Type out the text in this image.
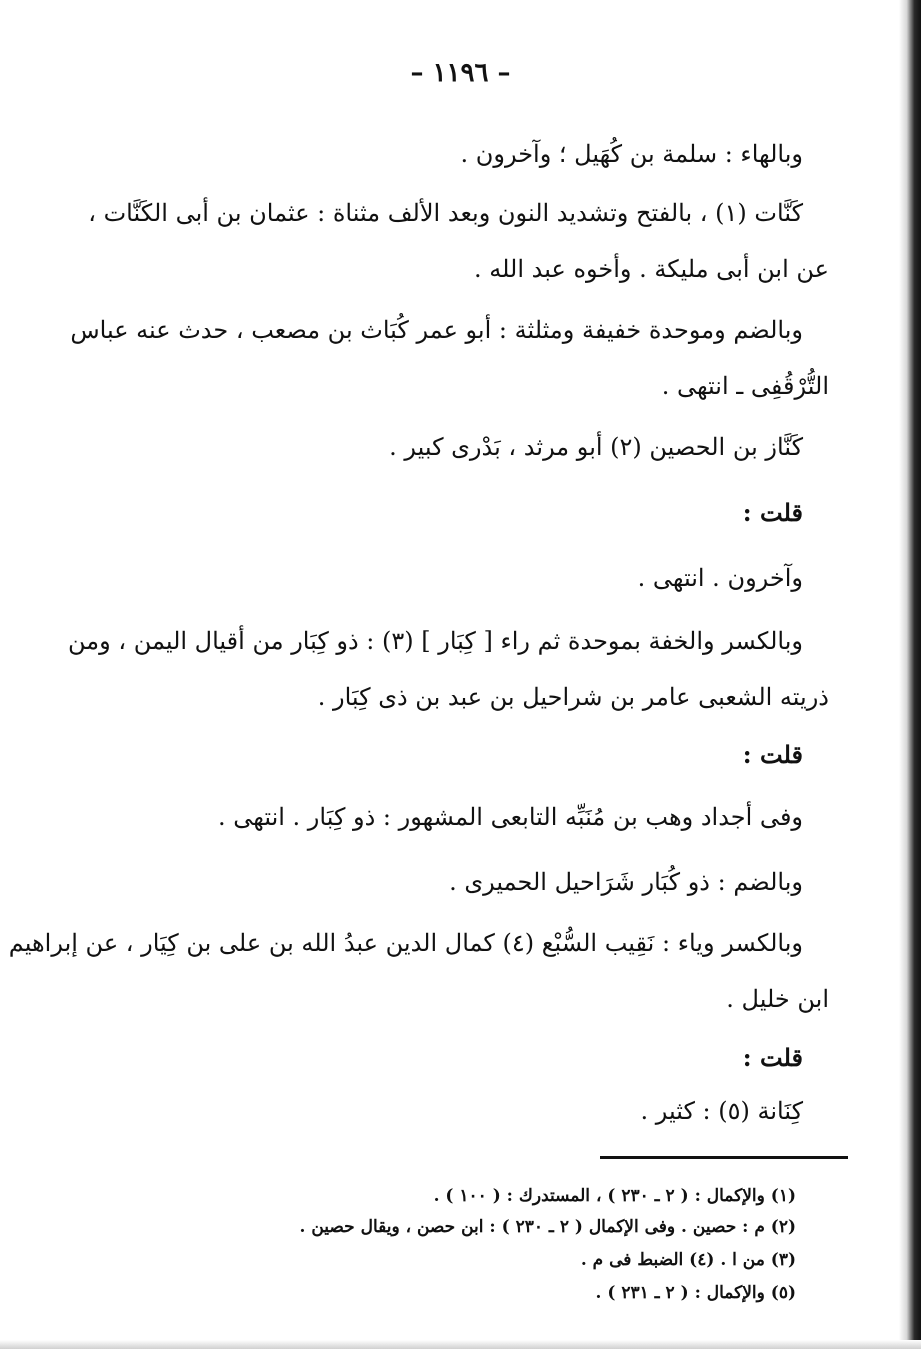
– ١١٩٦ –
وبالهاء : سلمة بن كُهَيل ؛ وآخرون .
كَنَّات (١) ، بالفتح وتشديد النون وبعد الألف مثناة : عثمان بن أبى الكَنَّات ،
عن ابن أبى مليكة . وأخوه عبد الله .
وبالضم وموحدة خفيفة ومثلثة : أبو عمر كُبَاث بن مصعب ، حدث عنه عباس
التُّرْقُفِى ـ انتهى .
كَنَّاز بن الحصين (٢) أبو مرثد ، بَدْرى كبير .
قلت :
وآخرون . انتهى .
وبالكسر والخفة بموحدة ثم راء [ كِبَار ] (٣) : ذو كِبَار من أقيال اليمن ، ومن
ذريته الشعبى عامر بن شراحيل بن عبد بن ذى كِبَار .
قلت :
وفى أجداد وهب بن مُنَبِّه التابعى المشهور : ذو كِبَار . انتهى .
وبالضم : ذو كُبَار شَرَاحيل الحميرى .
وبالكسر وياء : نَقِيب السُّبْع (٤) كمال الدين عبدُ الله بن على بن كِيَار ، عن إبراهيم
ابن خليل .
قلت :
كِنَانة (٥) : كثير .
(١) والإكمال : ( ٢ ـ ٢٣٠ ) ، المستدرك : ( ١٠٠ ) .
(٢) م : حصين . وفى الإكمال ( ٢ ـ ٢٣٠ ) : ابن حصن ، ويقال حصين .
(٣) من ا . (٤) الضبط فى م .
(٥) والإكمال : ( ٢ ـ ٢٣١ ) .
